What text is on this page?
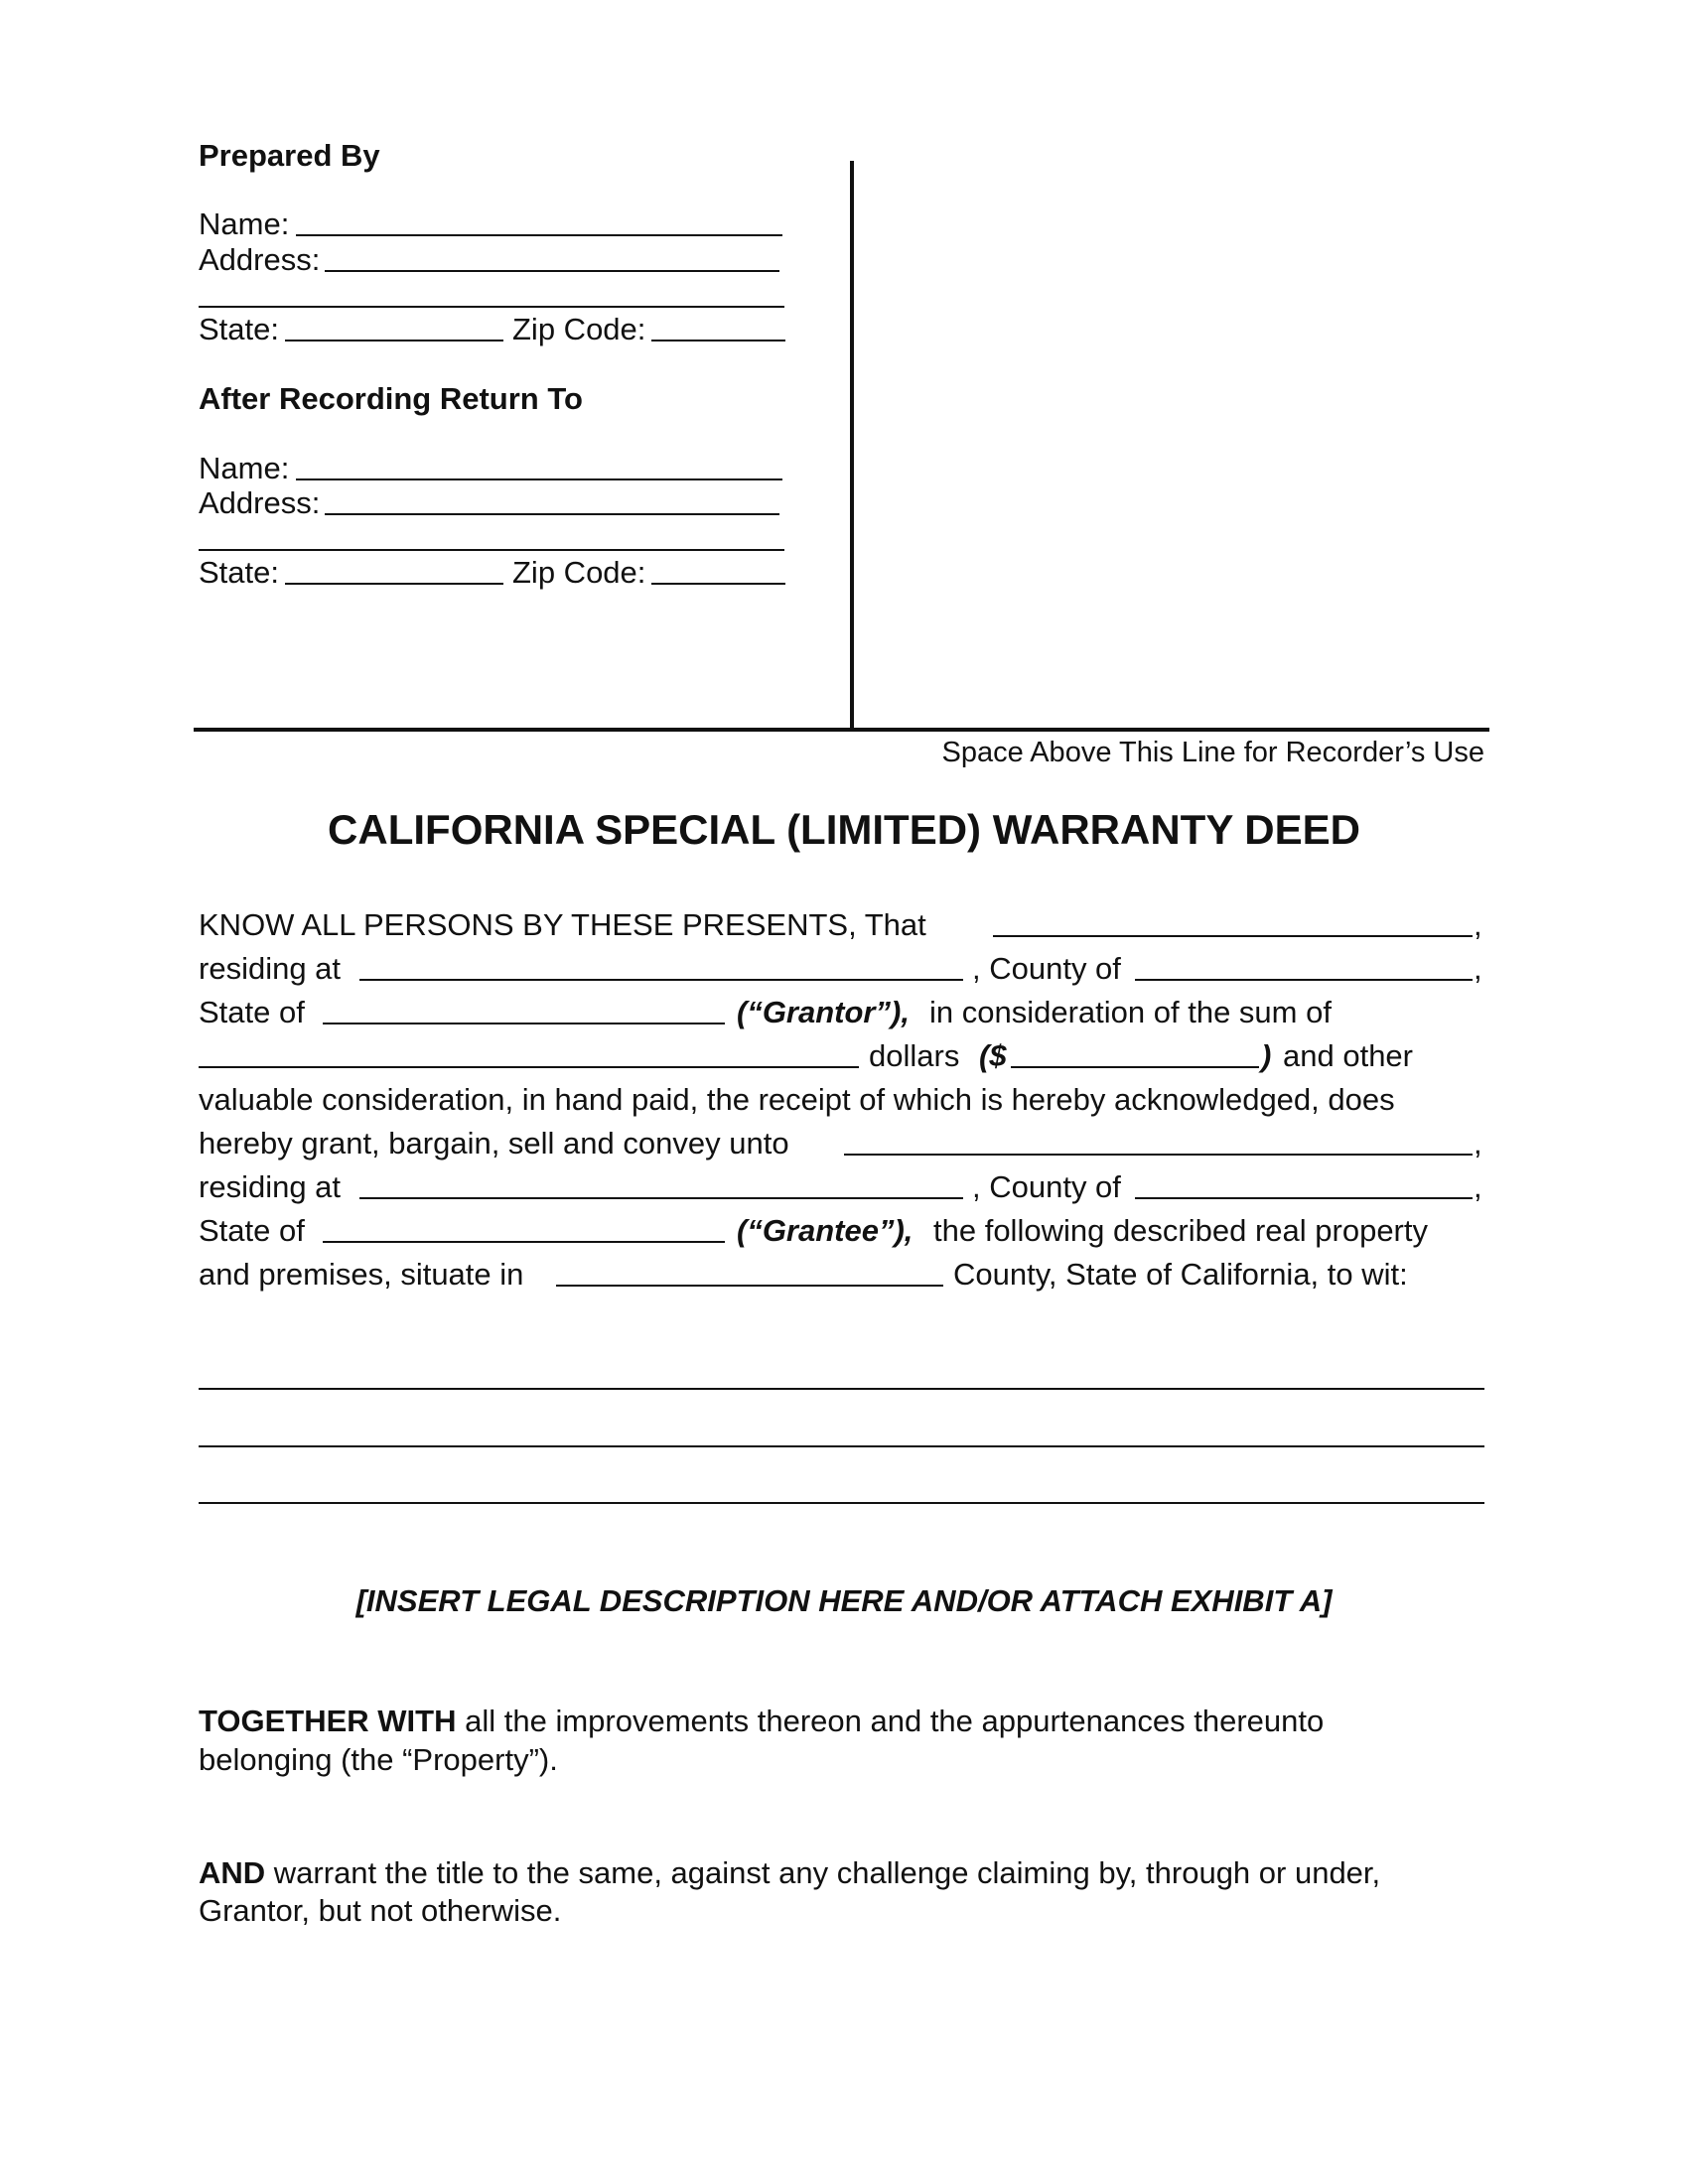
Prepared By
Name:
Address:
State:	Zip Code:
After Recording Return To
Name:
Address:
State:	Zip Code:
Space Above This Line for Recorder’s Use
CALIFORNIA SPECIAL (LIMITED) WARRANTY DEED
KNOW ALL PERSONS BY THESE PRESENTS, That	,
residing at	, County of	,
State of	(“Grantor”), in consideration of the sum of
dollars ($	) and other
valuable consideration, in hand paid, the receipt of which is hereby acknowledged, does
hereby grant, bargain, sell and convey unto	,
residing at	, County of	,
State of	(“Grantee”), the following described real property
and premises, situate in	County, State of California, to wit:
[INSERT LEGAL DESCRIPTION HERE AND/OR ATTACH EXHIBIT A]
TOGETHER WITH all the improvements thereon and the appurtenances thereunto
belonging (the “Property”).
AND warrant the title to the same, against any challenge claiming by, through or under,
Grantor, but not otherwise.
